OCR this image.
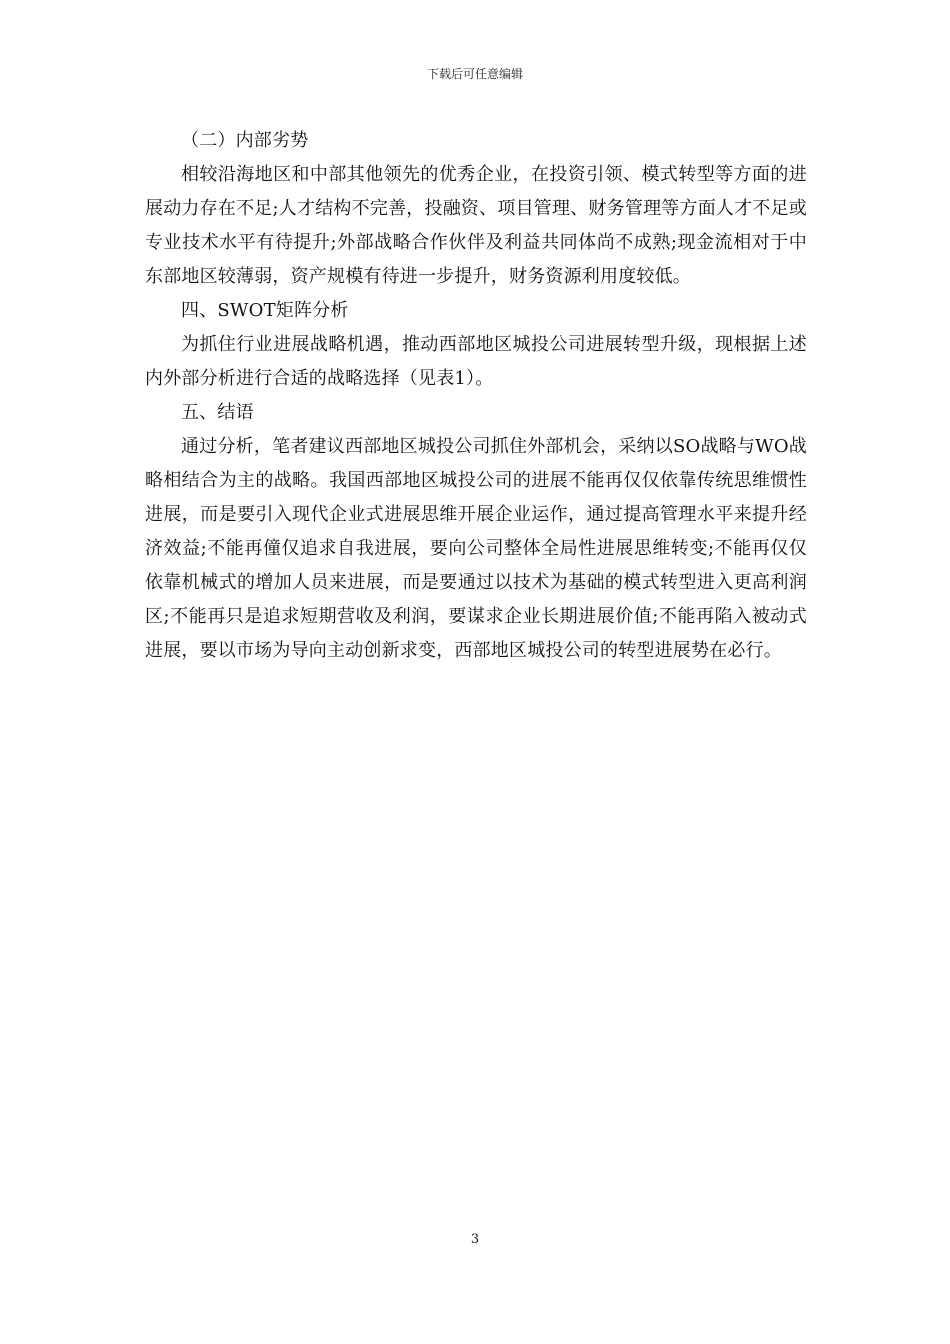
下载后可任意编辑

（二）内部劣势

相较沿海地区和中部其他领先的优秀企业，在投资引领、模式转型等方面的进展动力存在不足;人才结构不完善，投融资、项目管理、财务管理等方面人才不足或专业技术水平有待提升;外部战略合作伙伴及利益共同体尚不成熟;现金流相对于中东部地区较薄弱，资产规模有待进一步提升，财务资源利用度较低。

四、SWOT矩阵分析

为抓住行业进展战略机遇，推动西部地区城投公司进展转型升级，现根据上述内外部分析进行合适的战略选择（见表1）。

五、结语

通过分析，笔者建议西部地区城投公司抓住外部机会，采纳以SO战略与WO战略相结合为主的战略。我国西部地区城投公司的进展不能再仅仅依靠传统思维惯性进展，而是要引入现代企业式进展思维开展企业运作，通过提高管理水平来提升经济效益;不能再僮仅追求自我进展，要向公司整体全局性进展思维转变;不能再仅仅依靠机械式的增加人员来进展，而是要通过以技术为基础的模式转型进入更高利润区;不能再只是追求短期营收及利润，要谋求企业长期进展价值;不能再陷入被动式进展，要以市场为导向主动创新求变，西部地区城投公司的转型进展势在必行。

3
